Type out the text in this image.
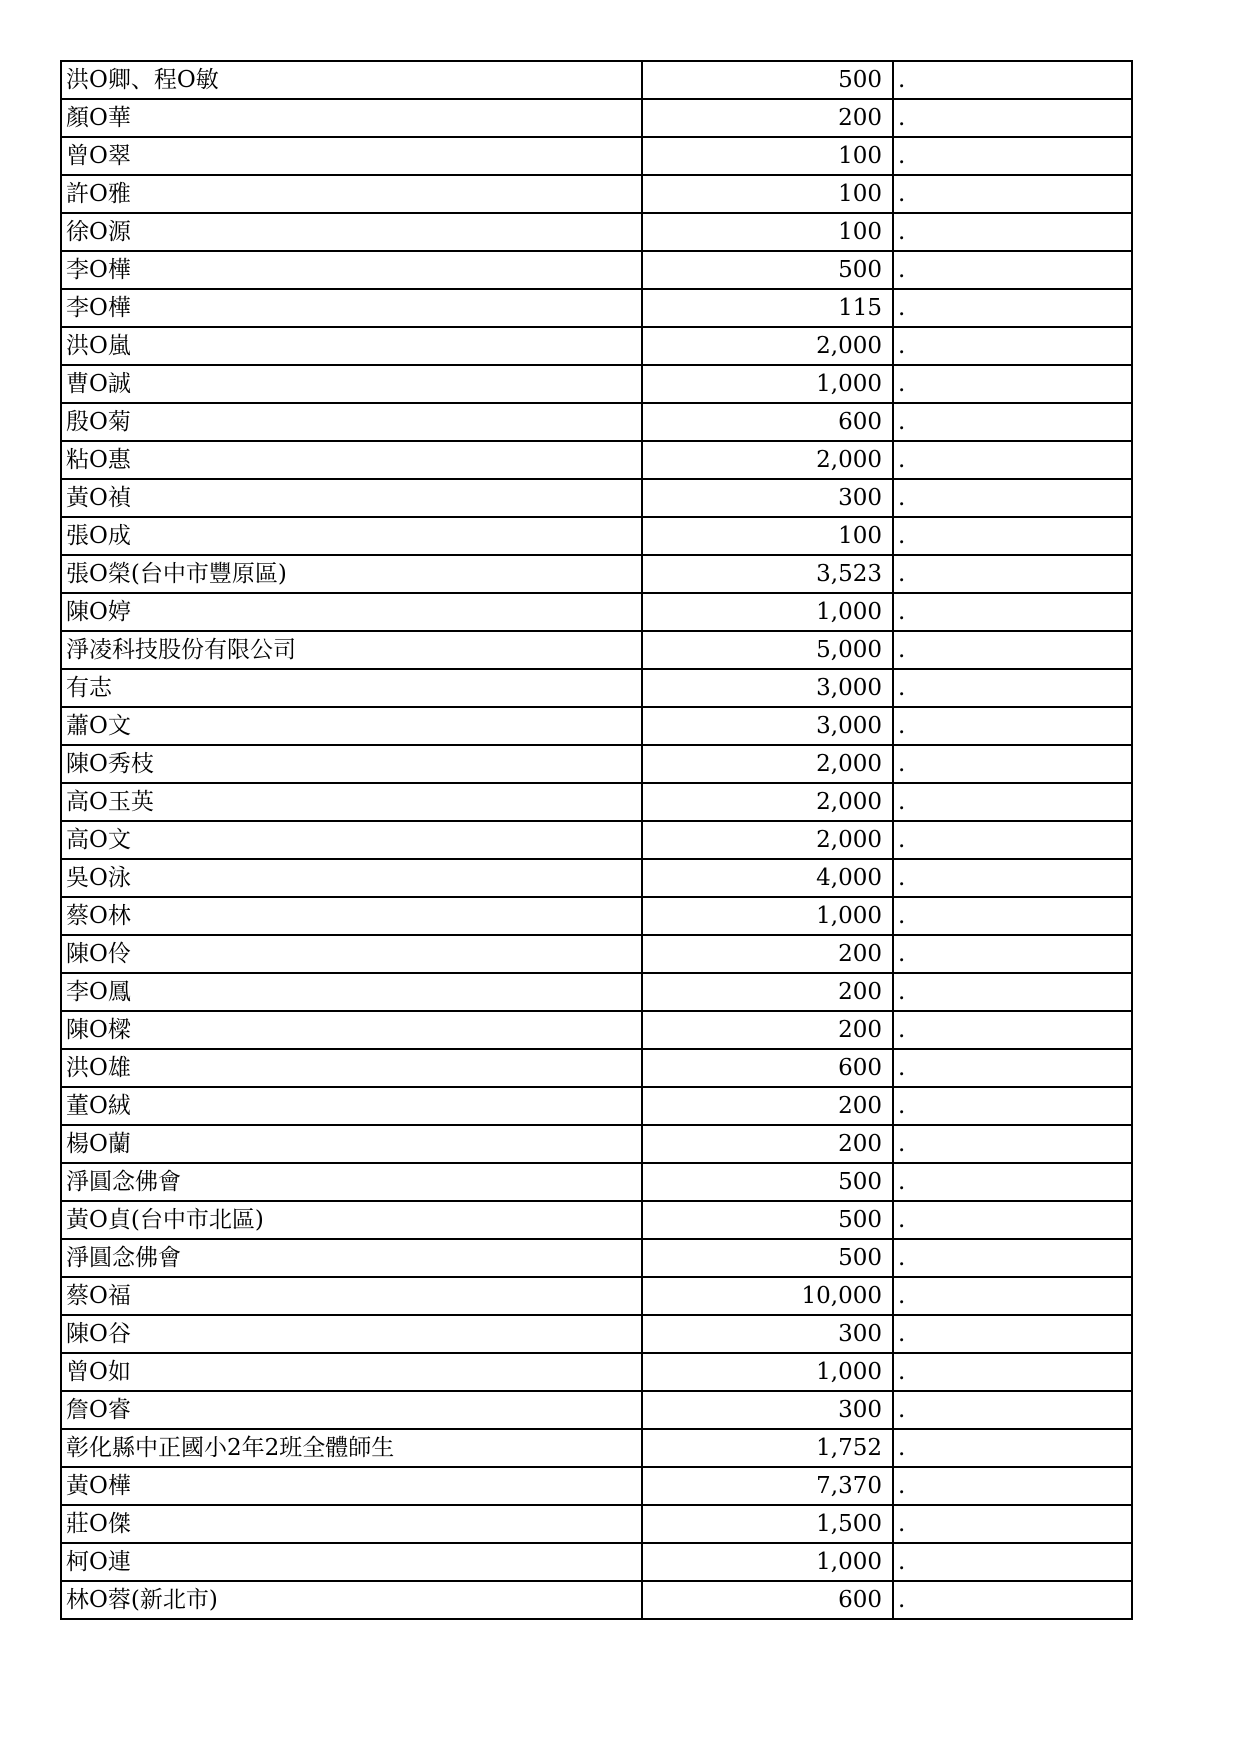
洪O卿、程O敏	500	.
顏O華	200	.
曾O翠	100	.
許O雅	100	.
徐O源	100	.
李O樺	500	.
李O樺	115	.
洪O嵐	2,000	.
曹O誠	1,000	.
殷O菊	600	.
粘O惠	2,000	.
黃O禎	300	.
張O成	100	.
張O榮(台中市豐原區)	3,523	.
陳O婷	1,000	.
淨凌科技股份有限公司	5,000	.
有志	3,000	.
蕭O文	3,000	.
陳O秀枝	2,000	.
高O玉英	2,000	.
高O文	2,000	.
吳O泳	4,000	.
蔡O林	1,000	.
陳O伶	200	.
李O鳳	200	.
陳O樑	200	.
洪O雄	600	.
董O絨	200	.
楊O蘭	200	.
淨圓念佛會	500	.
黃O貞(台中市北區)	500	.
淨圓念佛會	500	.
蔡O福	10,000	.
陳O谷	300	.
曾O如	1,000	.
詹O睿	300	.
彰化縣中正國小2年2班全體師生	1,752	.
黃O樺	7,370	.
莊O傑	1,500	.
柯O連	1,000	.
林O蓉(新北市)	600	.
